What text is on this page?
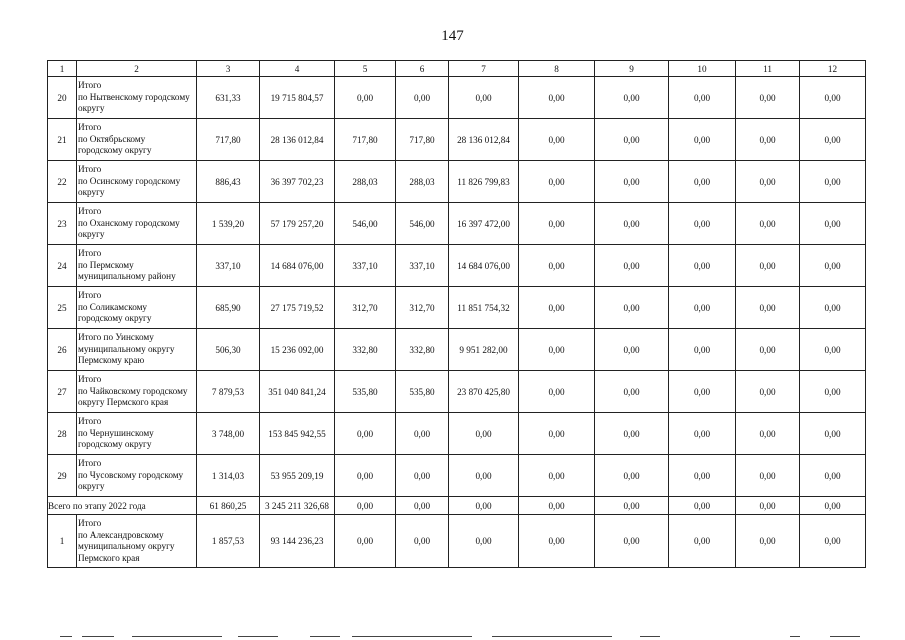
147
1	2	3	4	5	6	7	8	9	10	11	12
20	Итого
по Нытвенскому городскому
округу	631,33	19 715 804,57	0,00	0,00	0,00	0,00	0,00	0,00	0,00	0,00
21	Итого
по Октябрьскому
городскому округу	717,80	28 136 012,84	717,80	717,80	28 136 012,84	0,00	0,00	0,00	0,00	0,00
22	Итого
по Осинскому городскому
округу	886,43	36 397 702,23	288,03	288,03	11 826 799,83	0,00	0,00	0,00	0,00	0,00
23	Итого
по Оханскому городскому
округу	1 539,20	57 179 257,20	546,00	546,00	16 397 472,00	0,00	0,00	0,00	0,00	0,00
24	Итого
по Пермскому
муниципальному району	337,10	14 684 076,00	337,10	337,10	14 684 076,00	0,00	0,00	0,00	0,00	0,00
25	Итого
по Соликамскому
городскому округу	685,90	27 175 719,52	312,70	312,70	11 851 754,32	0,00	0,00	0,00	0,00	0,00
26	Итого по Уинскому
муниципальному округу
Пермскому краю	506,30	15 236 092,00	332,80	332,80	9 951 282,00	0,00	0,00	0,00	0,00	0,00
27	Итого
по Чайковскому городскому
округу Пермского края	7 879,53	351 040 841,24	535,80	535,80	23 870 425,80	0,00	0,00	0,00	0,00	0,00
28	Итого
по Чернушинскому
городскому округу	3 748,00	153 845 942,55	0,00	0,00	0,00	0,00	0,00	0,00	0,00	0,00
29	Итого
по Чусовскому городскому
округу	1 314,03	53 955 209,19	0,00	0,00	0,00	0,00	0,00	0,00	0,00	0,00
Всего по этапу 2022 года		61 860,25	3 245 211 326,68	0,00	0,00	0,00	0,00	0,00	0,00	0,00	0,00
1	Итого
по Александровскому
муниципальному округу
Пермского края	1 857,53	93 144 236,23	0,00	0,00	0,00	0,00	0,00	0,00	0,00	0,00
